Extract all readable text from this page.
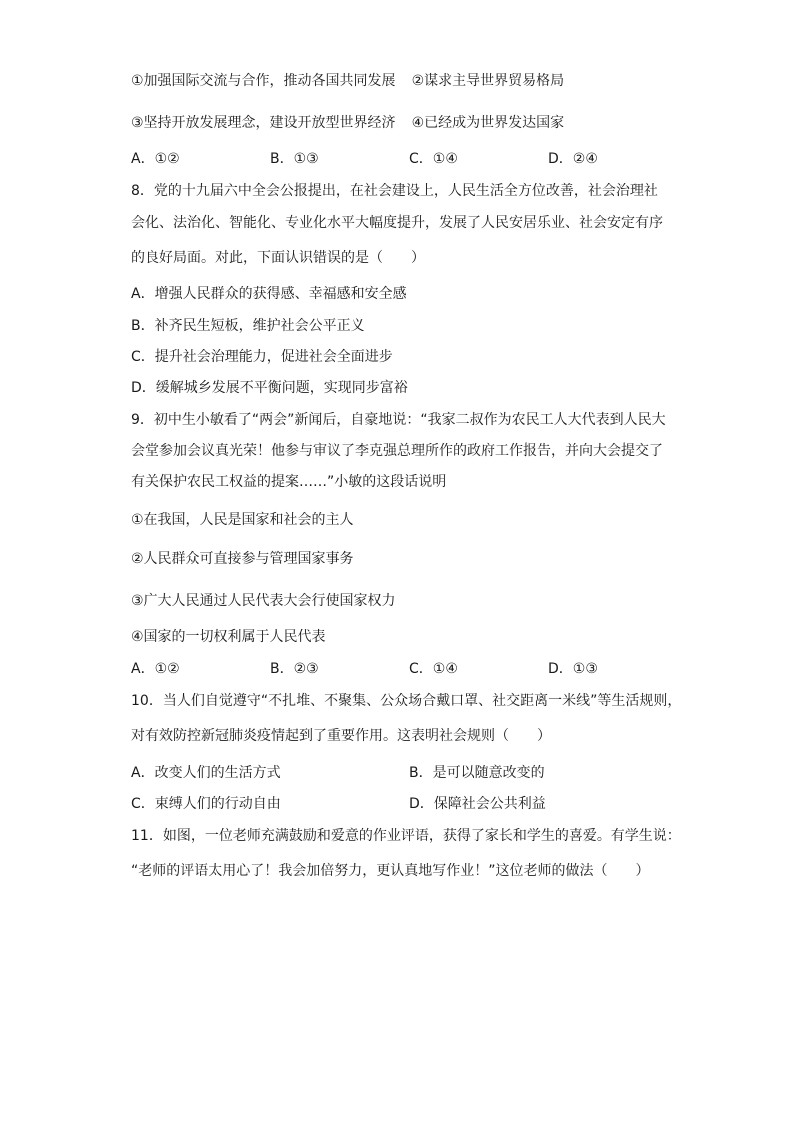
①加强国际交流与合作，推动各国共同发展 ②谋求主导世界贸易格局
③坚持开放发展理念，建设开放型世界经济 ④已经成为世界发达国家
A．①②	B．①③	C．①④	D．②④
8．党的十九届六中全会公报提出，在社会建设上，人民生活全方位改善，社会治理社
会化、法治化、智能化、专业化水平大幅度提升，发展了人民安居乐业、社会安定有序
的良好局面。对此，下面认识错误的是（　　）
A．增强人民群众的获得感、幸福感和安全感
B．补齐民生短板，维护社会公平正义
C．提升社会治理能力，促进社会全面进步
D．缓解城乡发展不平衡问题，实现同步富裕
9．初中生小敏看了“两会”新闻后，自豪地说：“我家二叔作为农民工人大代表到人民大
会堂参加会议真光荣！他参与审议了李克强总理所作的政府工作报告，并向大会提交了
有关保护农民工权益的提案……”小敏的这段话说明
①在我国，人民是国家和社会的主人
②人民群众可直接参与管理国家事务
③广大人民通过人民代表大会行使国家权力
④国家的一切权利属于人民代表
A．①②	B．②③	C．①④	D．①③
10．当人们自觉遵守“不扎堆、不聚集、公众场合戴口罩、社交距离一米线”等生活规则，
对有效防控新冠肺炎疫情起到了重要作用。这表明社会规则（　　）
A．改变人们的生活方式	B．是可以随意改变的
C．束缚人们的行动自由	D．保障社会公共利益
11．如图，一位老师充满鼓励和爱意的作业评语，获得了家长和学生的喜爱。有学生说：
“老师的评语太用心了！我会加倍努力，更认真地写作业！”这位老师的做法（　　）
